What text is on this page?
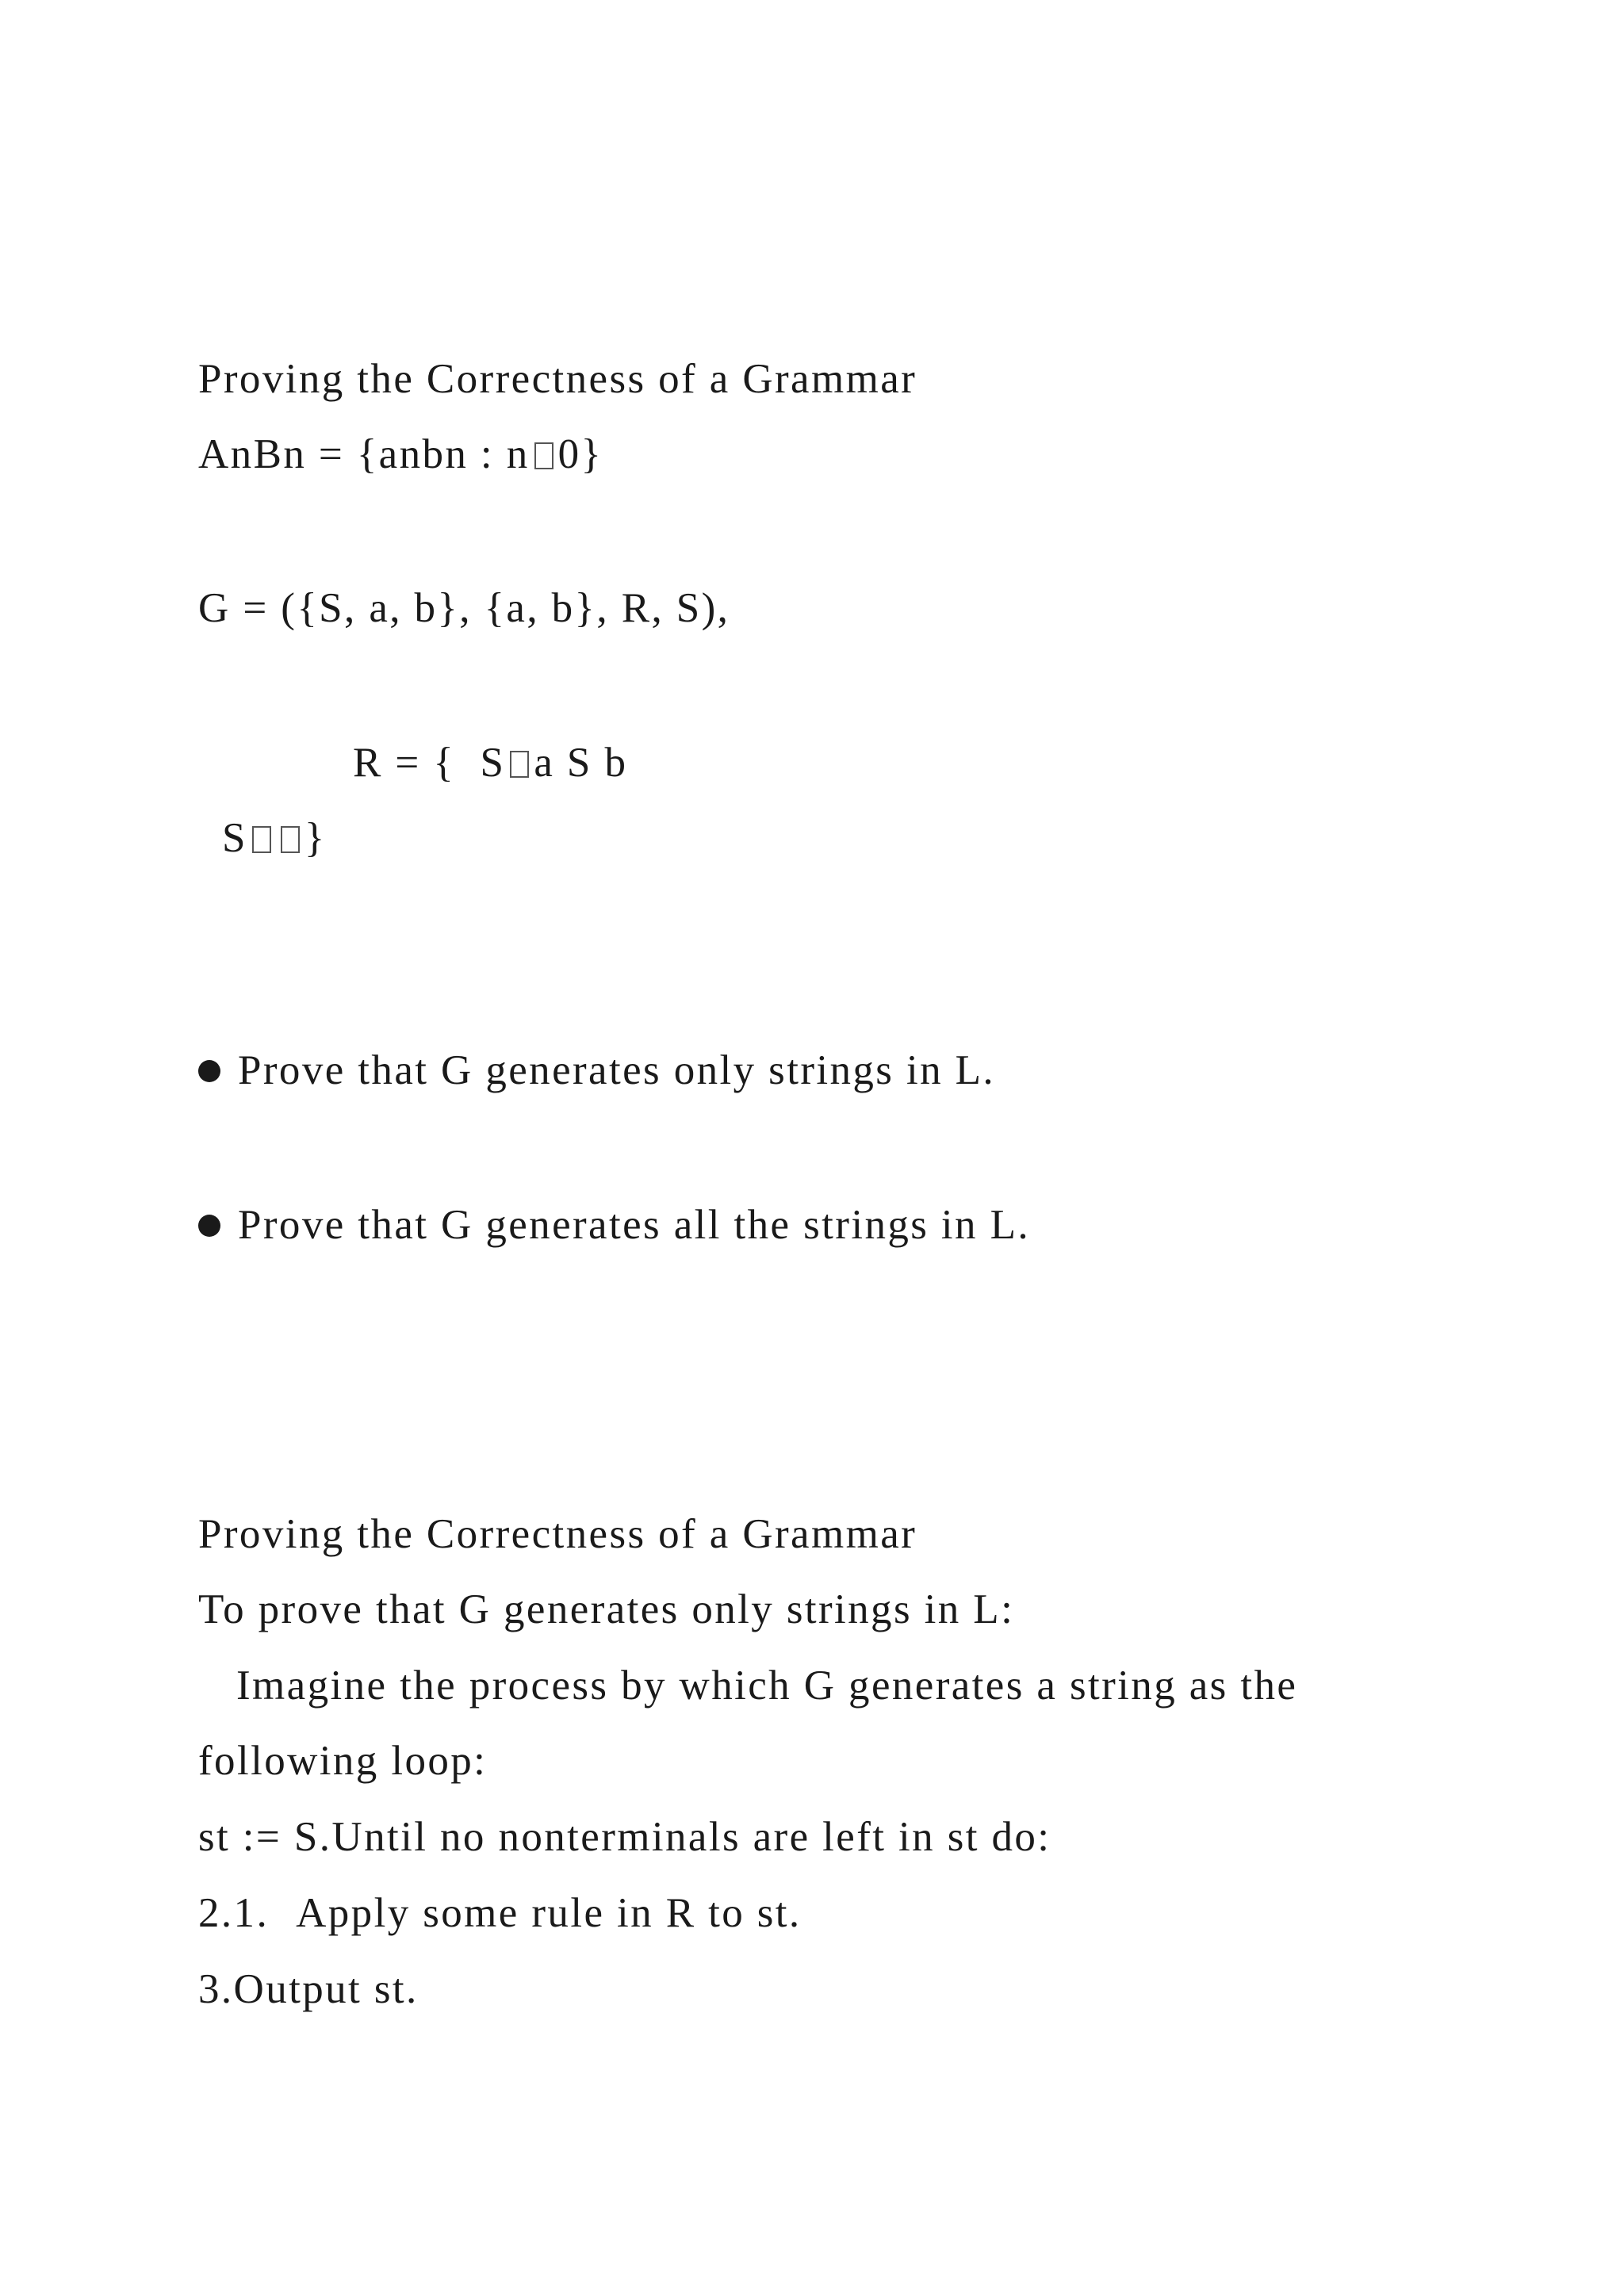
Proving the Correctness of a Grammar
AnBn = {anbn : n 0}
G = ({S, a, b}, {a, b}, R, S),
R = {  S a S b
S }
Prove that G generates only strings in L.
Prove that G generates all the strings in L.
Proving the Correctness of a Grammar
To prove that G generates only strings in L:
Imagine the process by which G generates a string as the
following loop:
st := S.Until no nonterminals are left in st do:
2.1. Apply some rule in R to st.
3.Output st.
